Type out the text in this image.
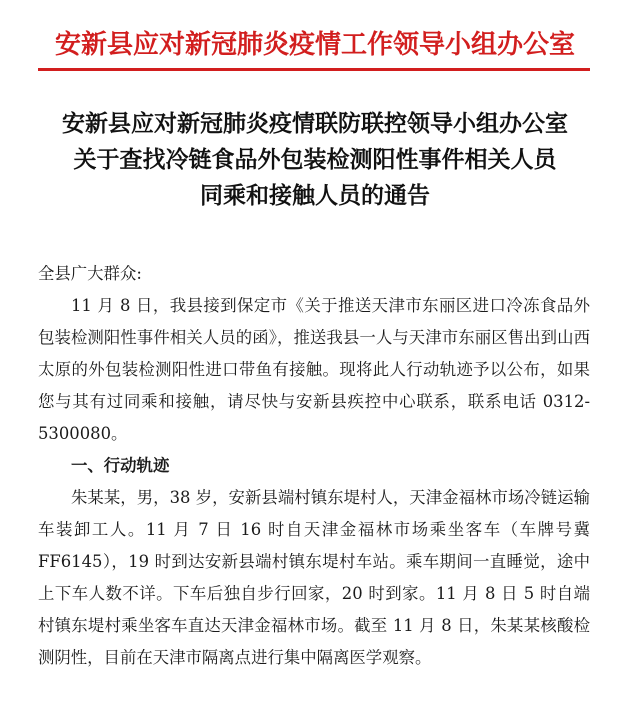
安新县应对新冠肺炎疫情工作领导小组办公室
安新县应对新冠肺炎疫情联防联控领导小组办公室
关于查找冷链食品外包装检测阳性事件相关人员
同乘和接触人员的通告

全县广大群众:

11 月 8 日，我县接到保定市《关于推送天津市东丽区进口冷冻食品外包装检测阳性事件相关人员的函》，推送我县一人与天津市东丽区售出到山西太原的外包装检测阳性进口带鱼有接触。现将此人行动轨迹予以公布，如果您与其有过同乘和接触，请尽快与安新县疾控中心联系，联系电话 0312-5300080。

一、行动轨迹

朱某某，男，38 岁，安新县端村镇东堤村人，天津金福林市场冷链运输车装卸工人。11 月 7 日 16 时自天津金福林市场乘坐客车（车牌号冀 FF6145），19 时到达安新县端村镇东堤村车站。乘车期间一直睡觉，途中上下车人数不详。下车后独自步行回家，20 时到家。11 月 8 日 5 时自端村镇东堤村乘坐客车直达天津金福林市场。截至 11 月 8 日，朱某某核酸检测阴性，目前在天津市隔离点进行集中隔离医学观察。
